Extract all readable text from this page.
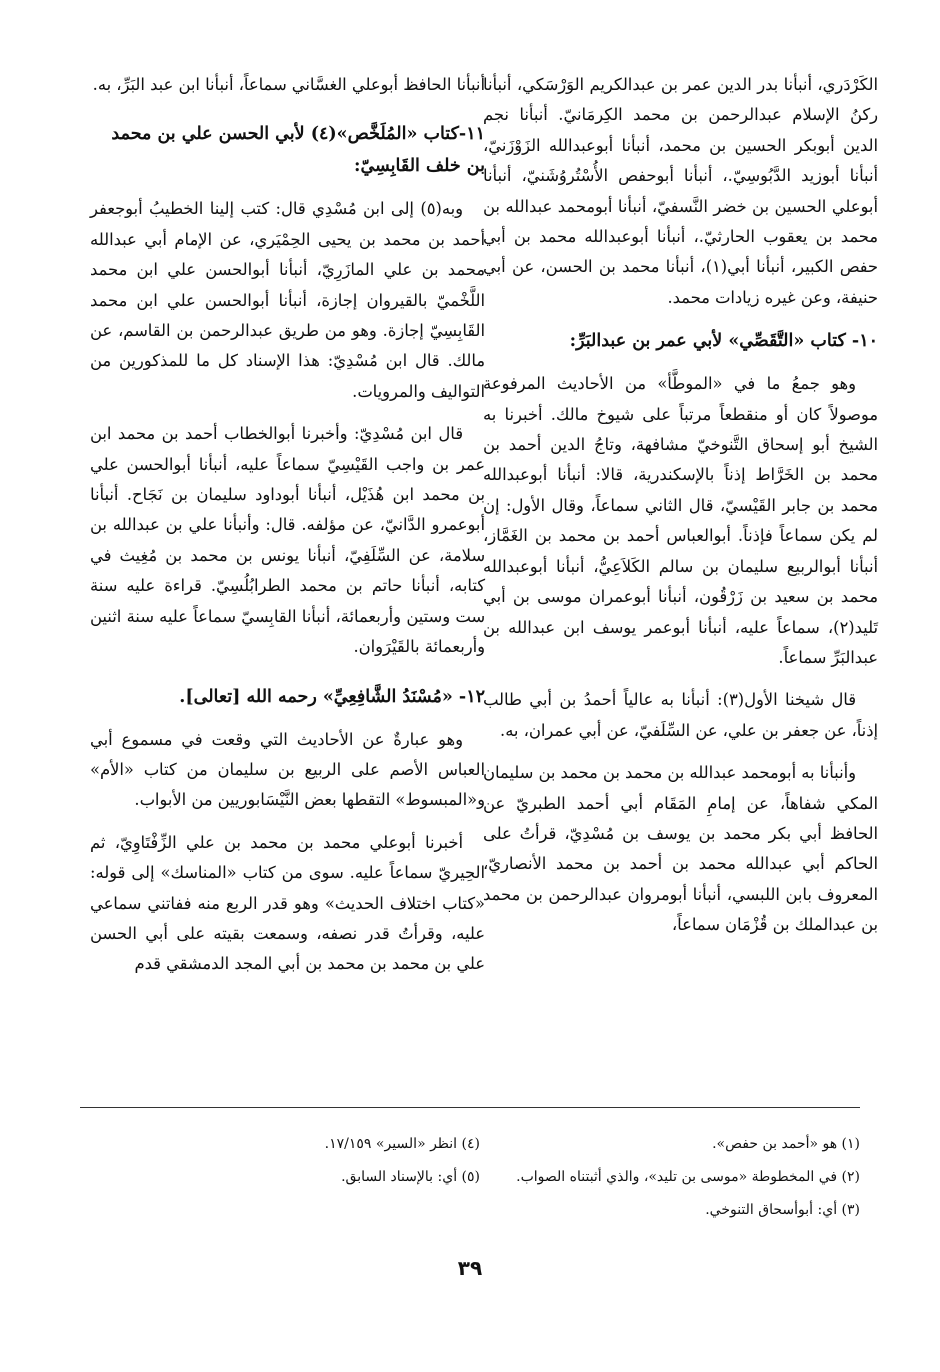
الكَرْدَري، أنبأنا بدر الدين عمر بن عبدالكريم الوَرْسَكي، أنبأنا ركنُ الإسلام عبدالرحمن بن محمد الكِرمَانيّ. أنبأنا نجم الدين أبوبكر الحسين بن محمد، أنبأنا أبوعبدالله الزَوْزَنيّ، أنبأنا أبوزيد الدَّبُوسِيّ.، أنبأنا أبوحفص الأُسْتُروُشَنيّ، أنبأنا أبوعلي الحسين بن خضر النَّسفيّ، أنبأنا أبومحمد عبدالله بن محمد بن يعقوب الحارثيّ.، أنبأنا أبوعبدالله محمد بن أبي حفص الكبير، أنبأنا أبي(١)، أنبأنا محمد بن الحسن، عن أبي حنيفة، وعن غيره زيادات محمد.

١٠- كتاب «التَّقَصِّي» لأبي عمر بن عبدالبَرِّ:

وهو جمعُ ما في «الموطَّأ» من الأحاديث المرفوعة موصولاً كان أو منقطعاً مرتباً على شيوخ مالك. أخبرنا به الشيخ أبو إسحاق التَّنوخيّ مشافهة، وتاجُ الدين أحمد بن محمد بن الخَرَّاط إذناً بالإسكندرية، قالا: أنبأنا أبوعبدالله محمد بن جابر القَيْسيّ، قال الثاني سماعاً، وقال الأول: إن لم يكن سماعاً فإذناً. أبوالعباس أحمد بن محمد بن الغَمَّاز، أنبأنا أبوالربيع سليمان بن سالم الكَلاَعِيُّ، أنبأنا أبوعبدالله محمد بن سعيد بن زَرْقُون، أنبأنا أبوعمران موسى بن أبي تَليد(٢)، سماعاً عليه، أنبأنا أبوعمر يوسف ابن عبدالله بن عبدالبَرِّ سماعاً.

قال شيخنا الأول(٣): أنبأنا به عالياً أحمدُ بن أبي طالب إذناً، عن جعفر بن علي، عن السِّلَفيّ، عن أبي عمران، به.

وأنبأنا به أبومحمد عبدالله بن محمد بن محمد بن سليمان المكي شفاهاً، عن إمامِ المَقَام أبي أحمد الطبريّ عن الحافظ أبي بكر محمد بن يوسف بن مُسْدِيّ، قرأتُ على الحاكم أبي عبدالله محمد بن أحمد بن محمد الأنصاريّ، المعروف بابن اللبسي، أنبأنا أبومروان عبدالرحمن بن محمد بن عبدالملك بن قُزْمَان سماعاً،

أنبأنا الحافظ أبوعلي الغسَّاني سماعاً، أنبأنا ابن عبد البَرِّ، به.

١١-كتاب «المُلَخَّص»(٤) لأبي الحسن علي بن محمد بن خلف القَابِسِيّ:

وبه(٥) إلى ابن مُسْدِي قال: كتب إلينا الخطيبُ أبوجعفر أحمد بن محمد بن يحيى الحِمْيَري، عن الإمام أبي عبدالله محمد بن علي المازَرِيّ، أنبأنا أبوالحسن علي ابن محمد اللَّخْميّ بالقيروان إجازة، أنبأنا أبوالحسن علي ابن محمد القَابِسِيّ إجازة. وهو من طريق عبدالرحمن بن القاسم، عن مالك. قال ابن مُسْدِيّ: هذا الإسناد كل ما للمذكورين من التواليف والمرويات.

قال ابن مُسْدِيّ: وأخبرنا أبوالخطاب أحمد بن محمد ابن عمر بن واجب القَيْسِيّ سماعاً عليه، أنبأنا أبوالحسن علي بن محمد ابن هُذَيْل، أنبأنا أبوداود سليمان بن نَجَاح. أنبأنا أبوعمرو الدَّانيّ، عن مؤلفه. قال: وأنبأنا علي بن عبدالله بن سلامة، عن السِّلَفِيّ، أنبأنا يونس بن محمد بن مُغِيث في كتابه، أنبأنا حاتم بن محمد الطرابُلُسِيّ. قراءة عليه سنة ست وستين وأربعمائة، أنبأنا القابِسيّ سماعاً عليه سنة اثنين وأربعمائة بالقَيْرَوان.

١٢- «مُسْنَدُ الشَّافِعِيِّ» رحمه الله [تعالى].

وهو عبارةٌ عن الأحاديث التي وقعت في مسموع أبي العباس الأصم على الربيع بن سليمان من كتاب «الأم» و«المبسوط» التقطها بعض النَّيْسَابوريين من الأبواب.

أخبرنا أبوعلي محمد بن محمد بن علي الزِّفْتَاوِيّ، ثم الحِيريّ سماعاً عليه. سوى من كتاب «المناسك» إلى قوله: «كتاب اختلاف الحديث» وهو قدر الربع منه ففاتني سماعي عليه، وقرأتُ قدر نصفه، وسمعت بقيته على أبي الحسن علي بن محمد بن محمد بن أبي المجد الدمشقي قدم

(١) هو «أحمد بن حفص».
(٢) في المخطوطة «موسى بن تليد»، والذي أثبتناه الصواب.
(٣) أي: أبوأسحاق التنوخي.
(٤) انظر «السير» ١٧/١٥٩.
(٥) أي: بالإسناد السابق.
٣٩
